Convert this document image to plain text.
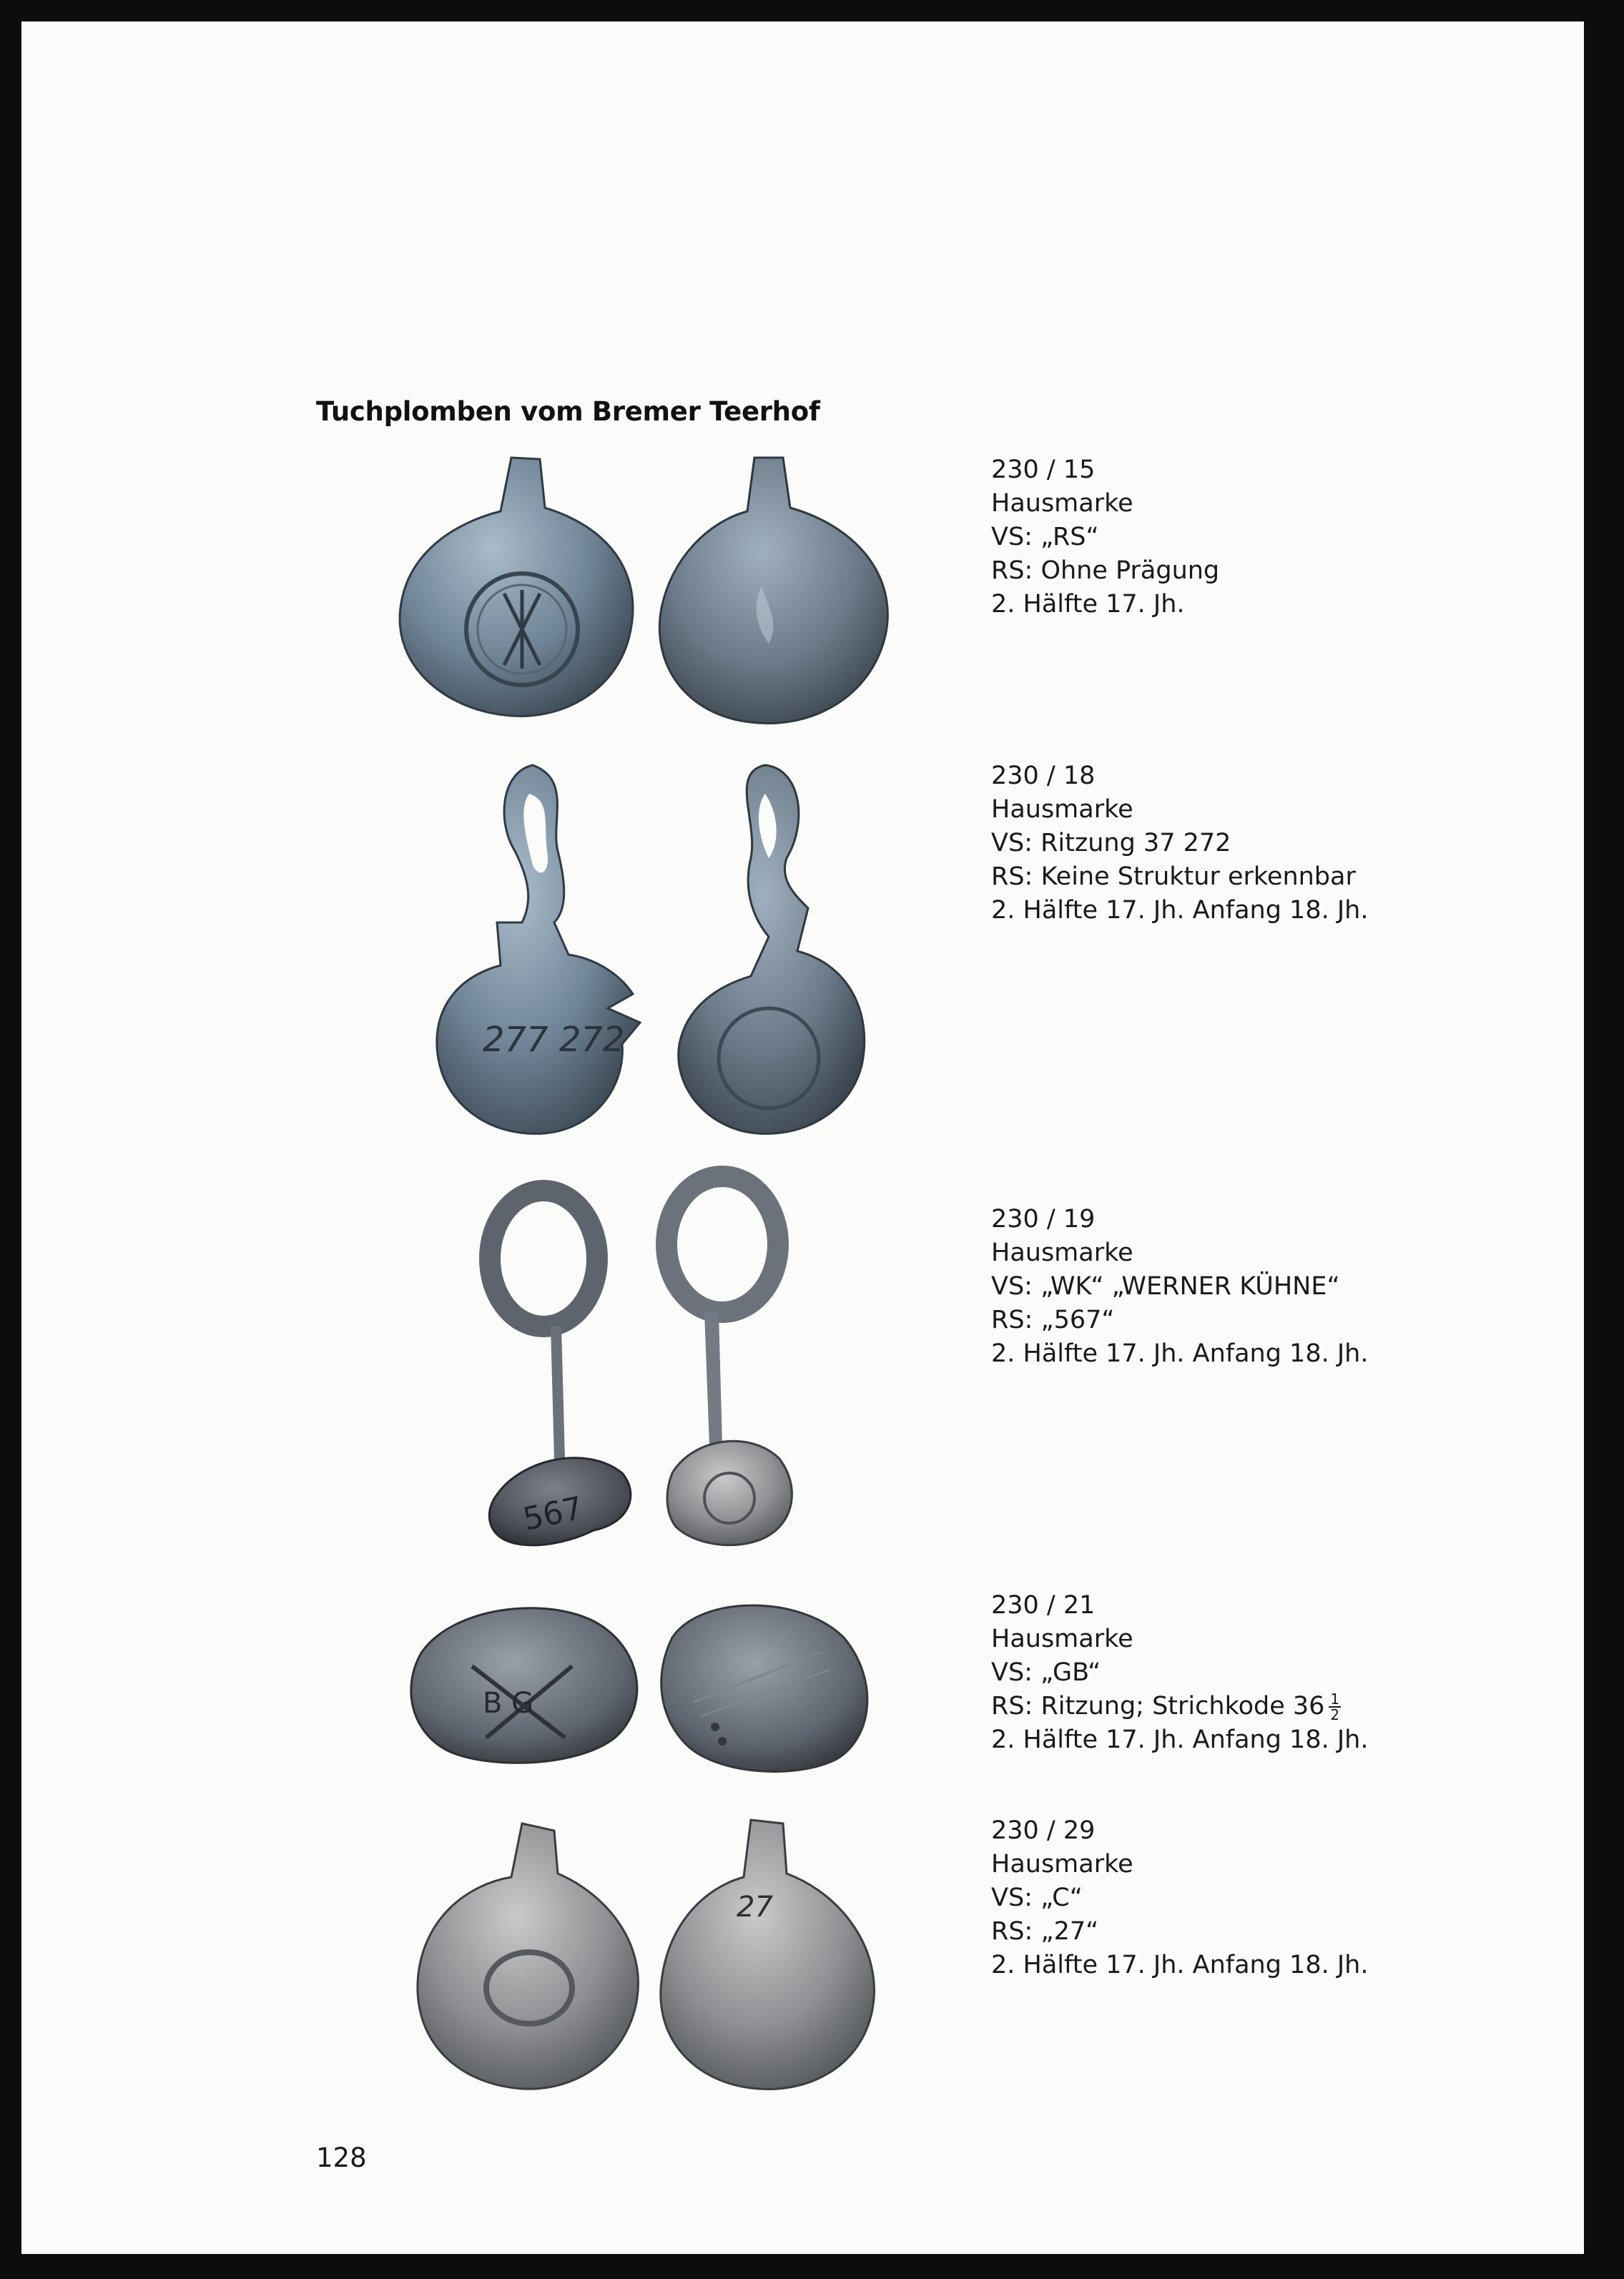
Tuchplomben vom Bremer Teerhof
230 / 15
Hausmarke
VS: „RS“
RS: Ohne Prägung
2. Hälfte 17. Jh.
230 / 18
Hausmarke
VS: Ritzung 37 272
RS: Keine Struktur erkennbar
2. Hälfte 17. Jh. Anfang 18. Jh.
230 / 19
Hausmarke
VS: „WK“ „WERNER KÜHNE“
RS: „567“
2. Hälfte 17. Jh. Anfang 18. Jh.
230 / 21
Hausmarke
VS: „GB“
RS: Ritzung; Strichkode $36 \frac{1}{2}$
2. Hälfte 17. Jh. Anfang 18. Jh.
230 / 29
Hausmarke
VS: „C“
RS: „27“
2. Hälfte 17. Jh. Anfang 18. Jh.
277 272
567
B G
27
128
